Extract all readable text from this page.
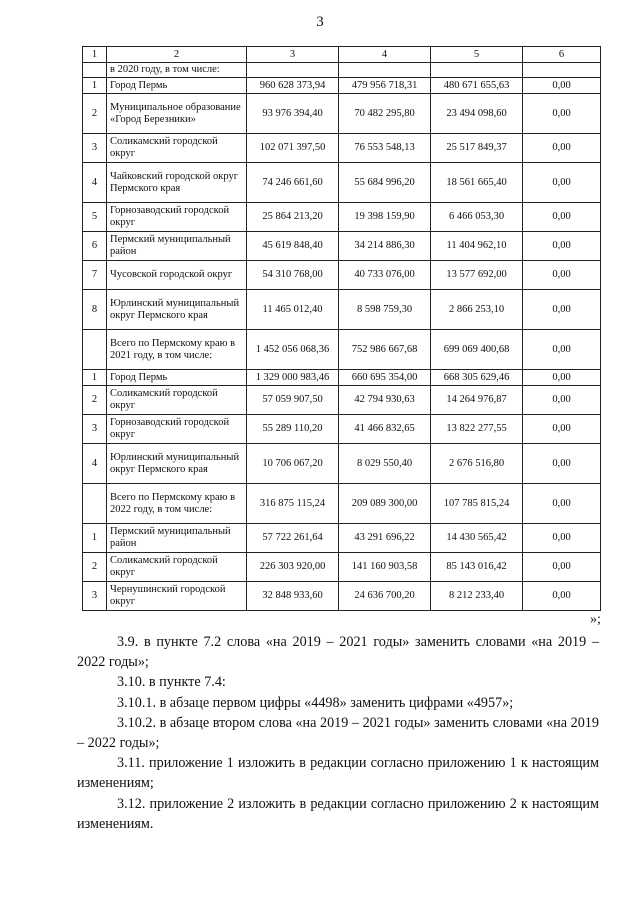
3
1	2	3	4	5	6
	в 2020 году, в том числе:				
1	Город Пермь	960 628 373,94	479 956 718,31	480 671 655,63	0,00
2	Муниципальное образование «Город Березники»	93 976 394,40	70 482 295,80	23 494 098,60	0,00
3	Соликамский городской округ	102 071 397,50	76 553 548,13	25 517 849,37	0,00
4	Чайковский городской округ Пермского края	74 246 661,60	55 684 996,20	18 561 665,40	0,00
5	Горнозаводский городской округ	25 864 213,20	19 398 159,90	6 466 053,30	0,00
6	Пермский муниципальный район	45 619 848,40	34 214 886,30	11 404 962,10	0,00
7	Чусовской городской округ	54 310 768,00	40 733 076,00	13 577 692,00	0,00
8	Юрлинский муниципальный округ Пермского края	11 465 012,40	8 598 759,30	2 866 253,10	0,00
	Всего по Пермскому краю в 2021 году, в том числе:	1 452 056 068,36	752 986 667,68	699 069 400,68	0,00
1	Город Пермь	1 329 000 983,46	660 695 354,00	668 305 629,46	0,00
2	Соликамский городской округ	57 059 907,50	42 794 930,63	14 264 976,87	0,00
3	Горнозаводский городской округ	55 289 110,20	41 466 832,65	13 822 277,55	0,00
4	Юрлинский муниципальный округ Пермского края	10 706 067,20	8 029 550,40	2 676 516,80	0,00
	Всего по Пермскому краю в 2022 году, в том числе:	316 875 115,24	209 089 300,00	107 785 815,24	0,00
1	Пермский муниципальный район	57 722 261,64	43 291 696,22	14 430 565,42	0,00
2	Соликамский городской округ	226 303 920,00	141 160 903,58	85 143 016,42	0,00
3	Чернушинский городской округ	32 848 933,60	24 636 700,20	8 212 233,40	0,00
»;

3.9. в пункте 7.2 слова «на 2019 – 2021 годы» заменить словами «на 2019 – 2022 годы»;

3.10. в пункте 7.4:

3.10.1. в абзаце первом цифры «4498» заменить цифрами «4957»;

3.10.2. в абзаце втором слова «на 2019 – 2021 годы» заменить словами «на 2019 – 2022 годы»;

3.11. приложение 1 изложить в редакции согласно приложению 1 к настоящим изменениям;

3.12. приложение 2 изложить в редакции согласно приложению 2 к настоящим изменениям.
